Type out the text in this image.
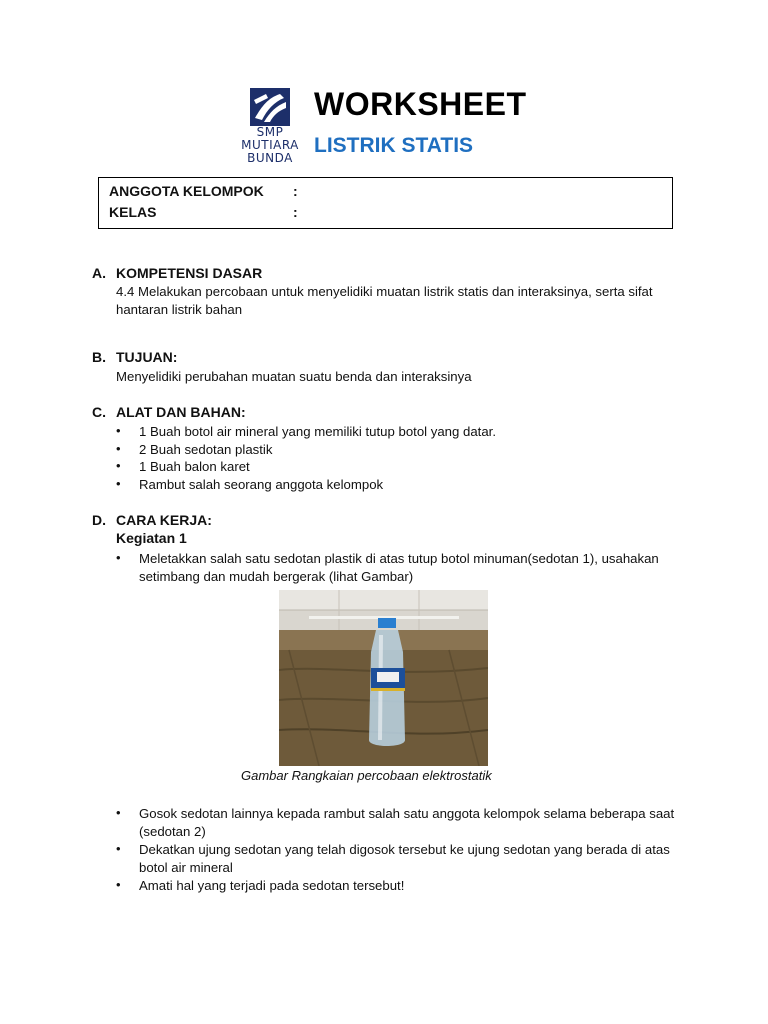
SMP
MUTIARA
BUNDA
WORKSHEET
LISTRIK STATIS
ANGGOTA KELOMPOK :
KELAS	:
A. KOMPETENSI DASAR
4.4 Melakukan percobaan untuk menyelidiki muatan listrik statis dan interaksinya, serta sifat
hantaran listrik bahan
B. TUJUAN:
Menyelidiki perubahan muatan suatu benda dan interaksinya
C. ALAT DAN BAHAN:
• 1 Buah botol air mineral yang memiliki tutup botol yang datar.
• 2 Buah sedotan plastik
• 1 Buah balon karet
• Rambut salah seorang anggota kelompok
D. CARA KERJA:
Kegiatan 1
• Meletakkan salah satu sedotan plastik di atas tutup botol minuman(sedotan 1), usahakan
setimbang dan mudah bergerak (lihat Gambar)
Gambar Rangkaian percobaan elektrostatik
• Gosok sedotan lainnya kepada rambut salah satu anggota kelompok selama beberapa saat
(sedotan 2)
• Dekatkan ujung sedotan yang telah digosok tersebut ke ujung sedotan yang berada di atas
botol air mineral
• Amati hal yang terjadi pada sedotan tersebut!
